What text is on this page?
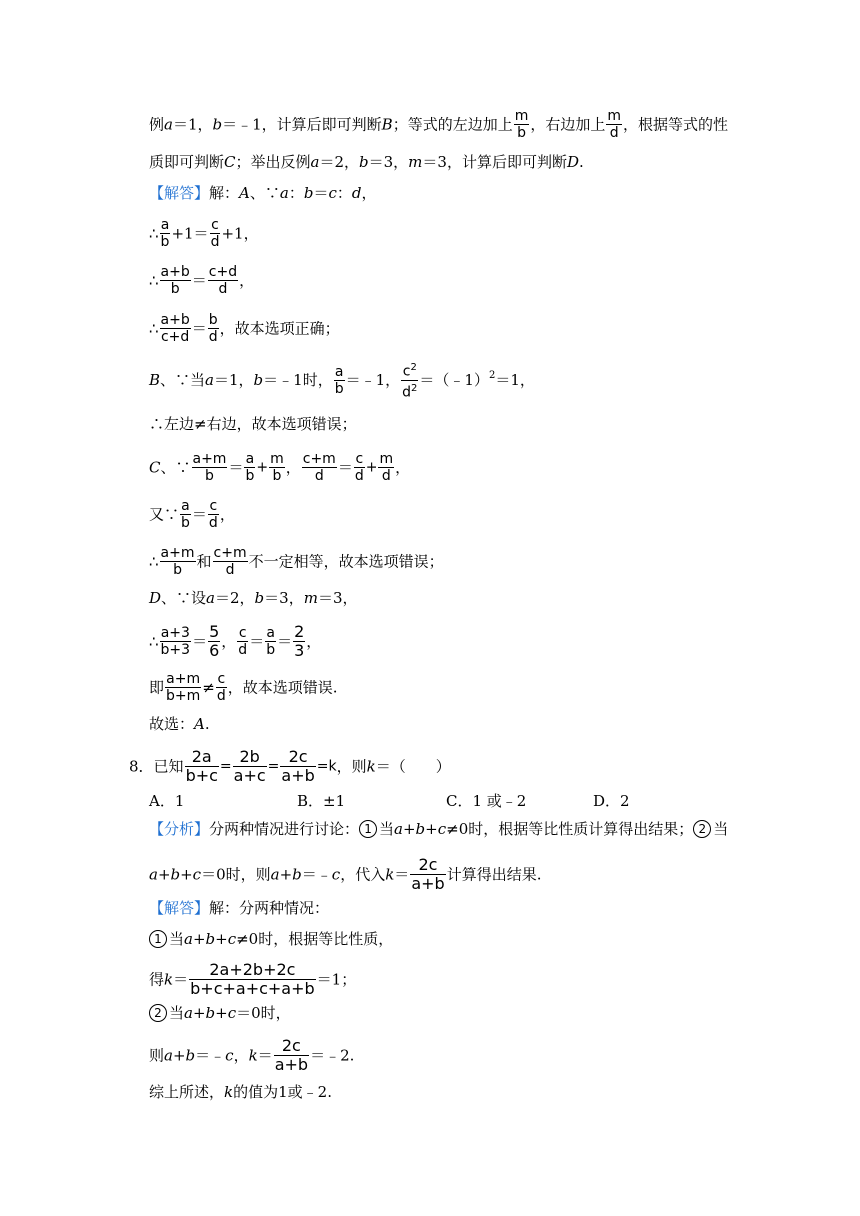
例a＝1，b＝﹣1，计算后即可判断B；等式的左边加上 $\frac{m}{b}$ ，右边加上 $\frac{m}{d}$ ，根据等式的性
质即可判断C；举出反例a＝2，b＝3，m＝3，计算后即可判断D.
【解答】解：A、∵a：b＝c：d，
∴ $\frac{a}{b} +1= \frac{c}{d} +1$，
∴ $\frac{a+b}{b} = \frac{c+d}{d}$ ，
∴ $\frac{a+b}{c+d} = \frac{b}{d}$ ，故本选项正确；
B、∵当a＝1，b＝﹣1时， $\frac{a}{b}$ ＝﹣1， $\frac{c^2}{d^2}$ ＝（﹣1）$^2$＝1，
∴左边≠右边，故本选项错误；
C、∵ $\frac{a+m}{b} = \frac{a}{b} + \frac{m}{b}$ ， $\frac{c+m}{d} = \frac{c}{d} + \frac{m}{d}$ ，
又∵ $\frac{a}{b} = \frac{c}{d}$ ，
∴ $\frac{a+m}{b}$ 和 $\frac{c+m}{d}$ 不一定相等，故本选项错误；
D、∵设a＝2，b＝3，m＝3，
∴ $\frac{a+3}{b+3} = \frac{5}{6}$ ， $\frac{c}{d} = \frac{a}{b} = \frac{2}{3}$ ，
即 $\frac{a+m}{b+m} \ne \frac{c}{d}$ ，故本选项错误.
故选：A.
8．已知 $\frac{2a}{b+c} = \frac{2b}{a+c} = \frac{2c}{a+b} =k$，则k＝（　　）
A．1	B．±1	C．1 或﹣2	D．2
【分析】分两种情况进行讨论： 1 当a+b+c≠0时，根据等比性质计算得出结果； 2 当
a+b+c＝0时，则a+b＝﹣c，代入$k= \frac{2c}{a+b}$ 计算得出结果.
【解答】解：分两种情况：
1 当a+b+c≠0时，根据等比性质，
得$k= \frac{2a+2b+2c}{b+c+a+c+a+b} =1$；
2 当a+b+c＝0时，
则a+b＝﹣c，$k= \frac{2c}{a+b}$ ＝﹣2.
综上所述，k的值为1或﹣2.
